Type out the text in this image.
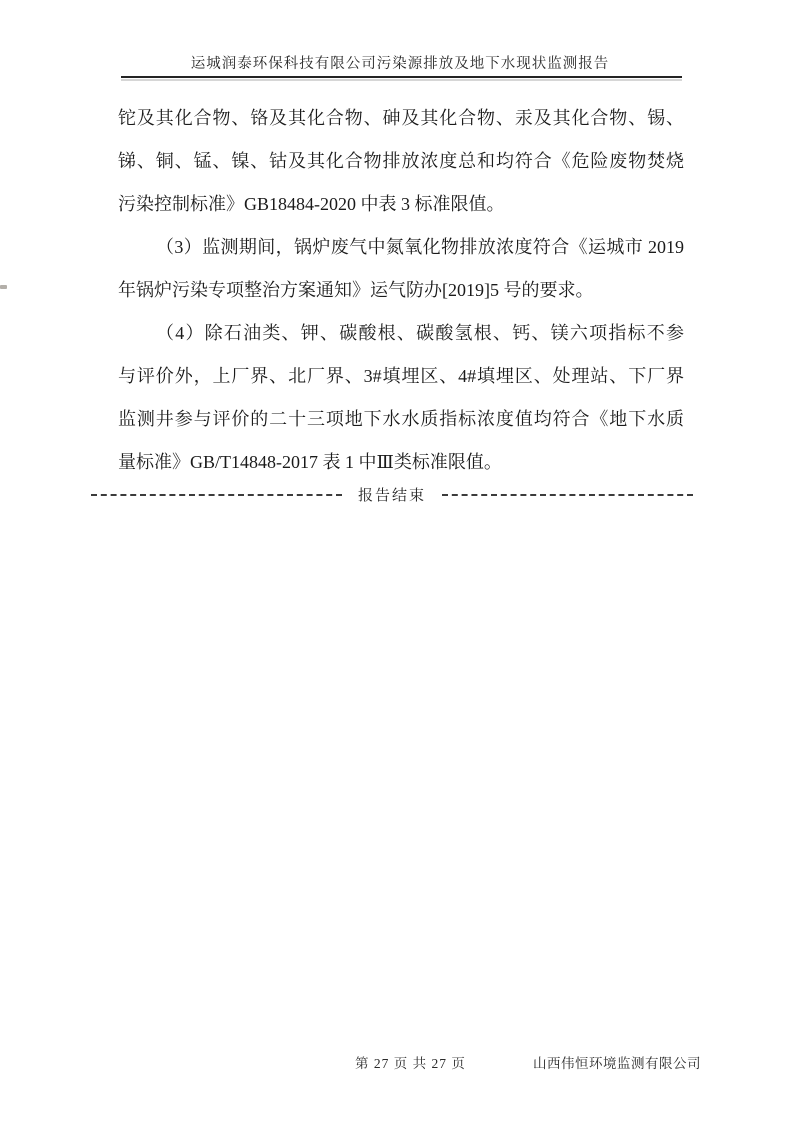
运城润泰环保科技有限公司污染源排放及地下水现状监测报告
铊及其化合物、铬及其化合物、砷及其化合物、汞及其化合物、锡、
锑、铜、锰、镍、钴及其化合物排放浓度总和均符合《危险废物焚烧
污染控制标准》GB18484-2020 中表 3 标准限值。
（3）监测期间，锅炉废气中氮氧化物排放浓度符合《运城市 2019
年锅炉污染专项整治方案通知》运气防办[2019]5 号的要求。
（4）除石油类、钾、碳酸根、碳酸氢根、钙、镁六项指标不参
与评价外，上厂界、北厂界、3#填埋区、4#填埋区、处理站、下厂界
监测井参与评价的二十三项地下水水质指标浓度值均符合《地下水质
量标准》GB/T14848-2017 表 1 中Ⅲ类标准限值。
报告结束
第 27 页 共 27 页	山西伟恒环境监测有限公司
